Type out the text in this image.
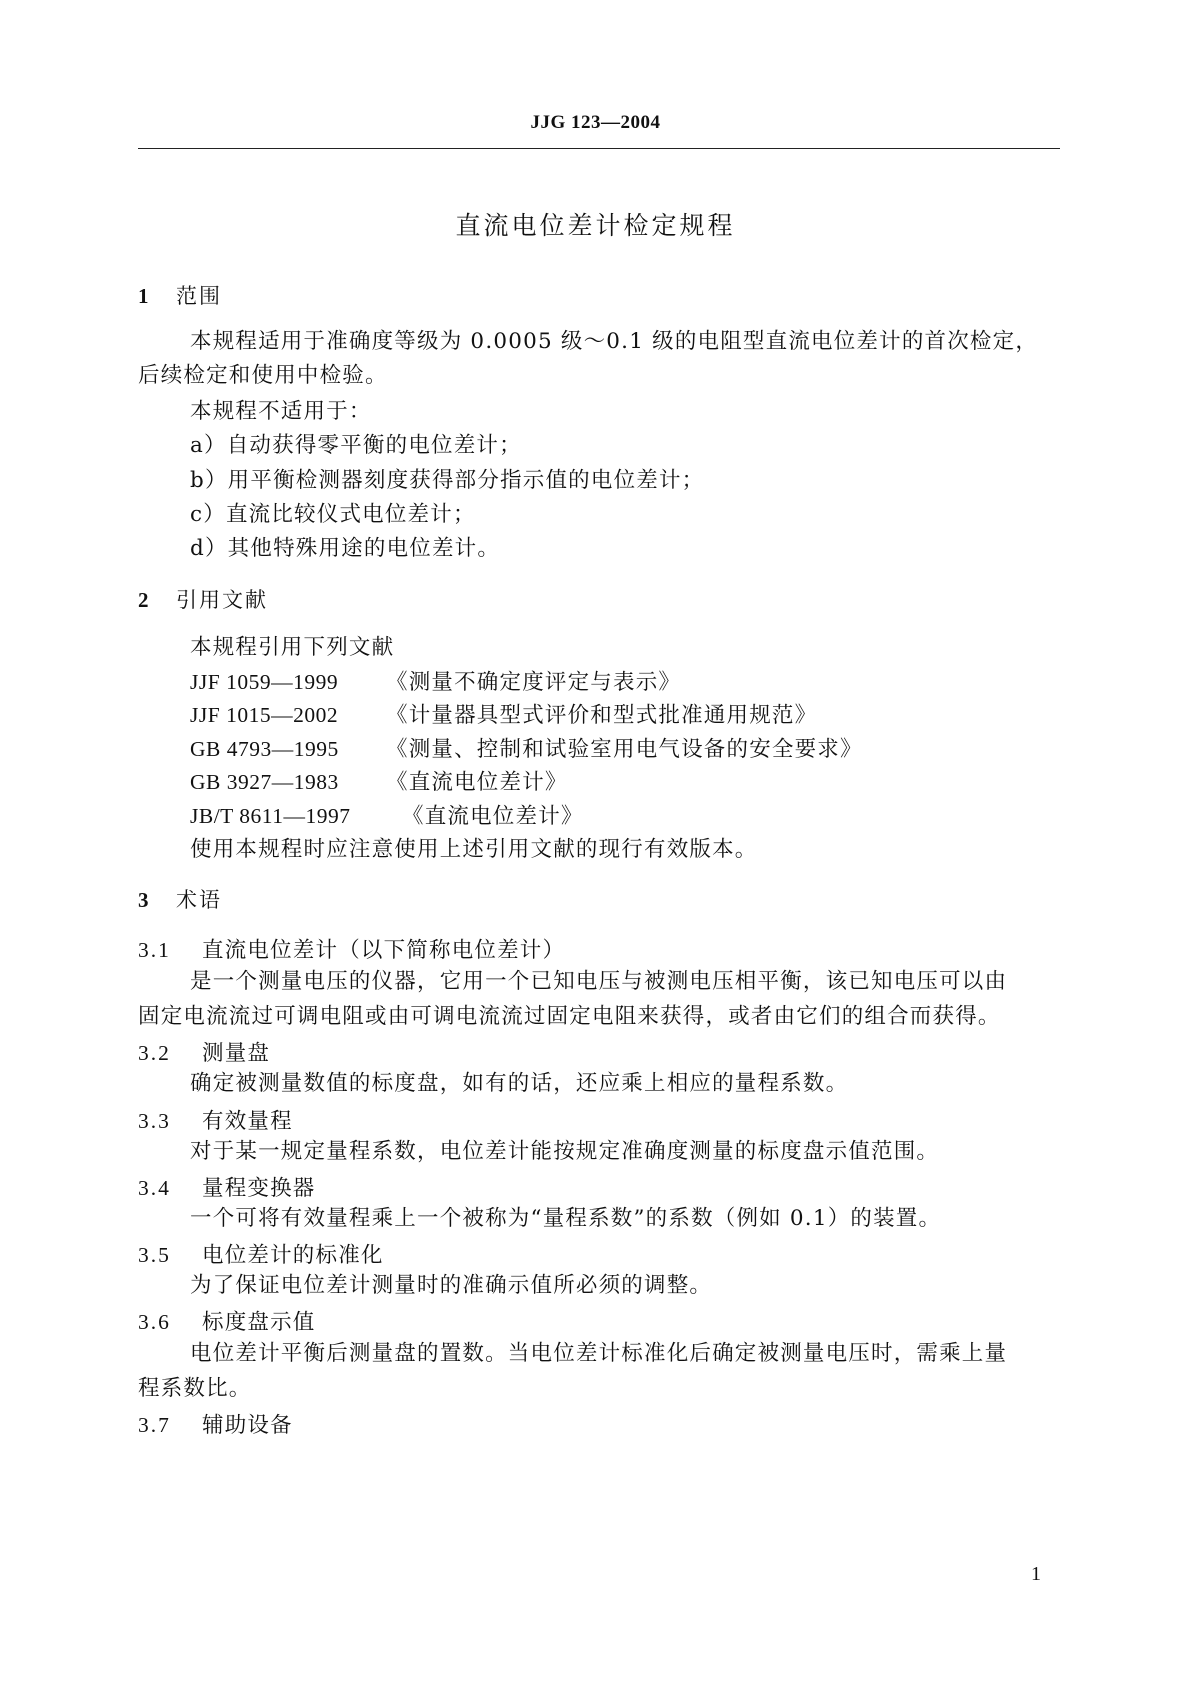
JJG 123—2004
直流电位差计检定规程
1 范围
本规程适用于准确度等级为 0.0005 级～0.1 级的电阻型直流电位差计的首次检定，
后续检定和使用中检验。
本规程不适用于：
a）自动获得零平衡的电位差计；
b）用平衡检测器刻度获得部分指示值的电位差计；
c）直流比较仪式电位差计；
d）其他特殊用途的电位差计。
2 引用文献
本规程引用下列文献
JJF 1059—1999 《测量不确定度评定与表示》
JJF 1015—2002 《计量器具型式评价和型式批准通用规范》
GB 4793—1995 《测量、控制和试验室用电气设备的安全要求》
GB 3927—1983 《直流电位差计》
JB/T 8611—1997 《直流电位差计》
使用本规程时应注意使用上述引用文献的现行有效版本。
3 术语
3.1 直流电位差计（以下简称电位差计）
是一个测量电压的仪器，它用一个已知电压与被测电压相平衡，该已知电压可以由
固定电流流过可调电阻或由可调电流流过固定电阻来获得，或者由它们的组合而获得。
3.2 测量盘
确定被测量数值的标度盘，如有的话，还应乘上相应的量程系数。
3.3 有效量程
对于某一规定量程系数，电位差计能按规定准确度测量的标度盘示值范围。
3.4 量程变换器
一个可将有效量程乘上一个被称为“量程系数”的系数（例如 0.1）的装置。
3.5 电位差计的标准化
为了保证电位差计测量时的准确示值所必须的调整。
3.6 标度盘示值
电位差计平衡后测量盘的置数。当电位差计标准化后确定被测量电压时，需乘上量
程系数比。
3.7 辅助设备
1
